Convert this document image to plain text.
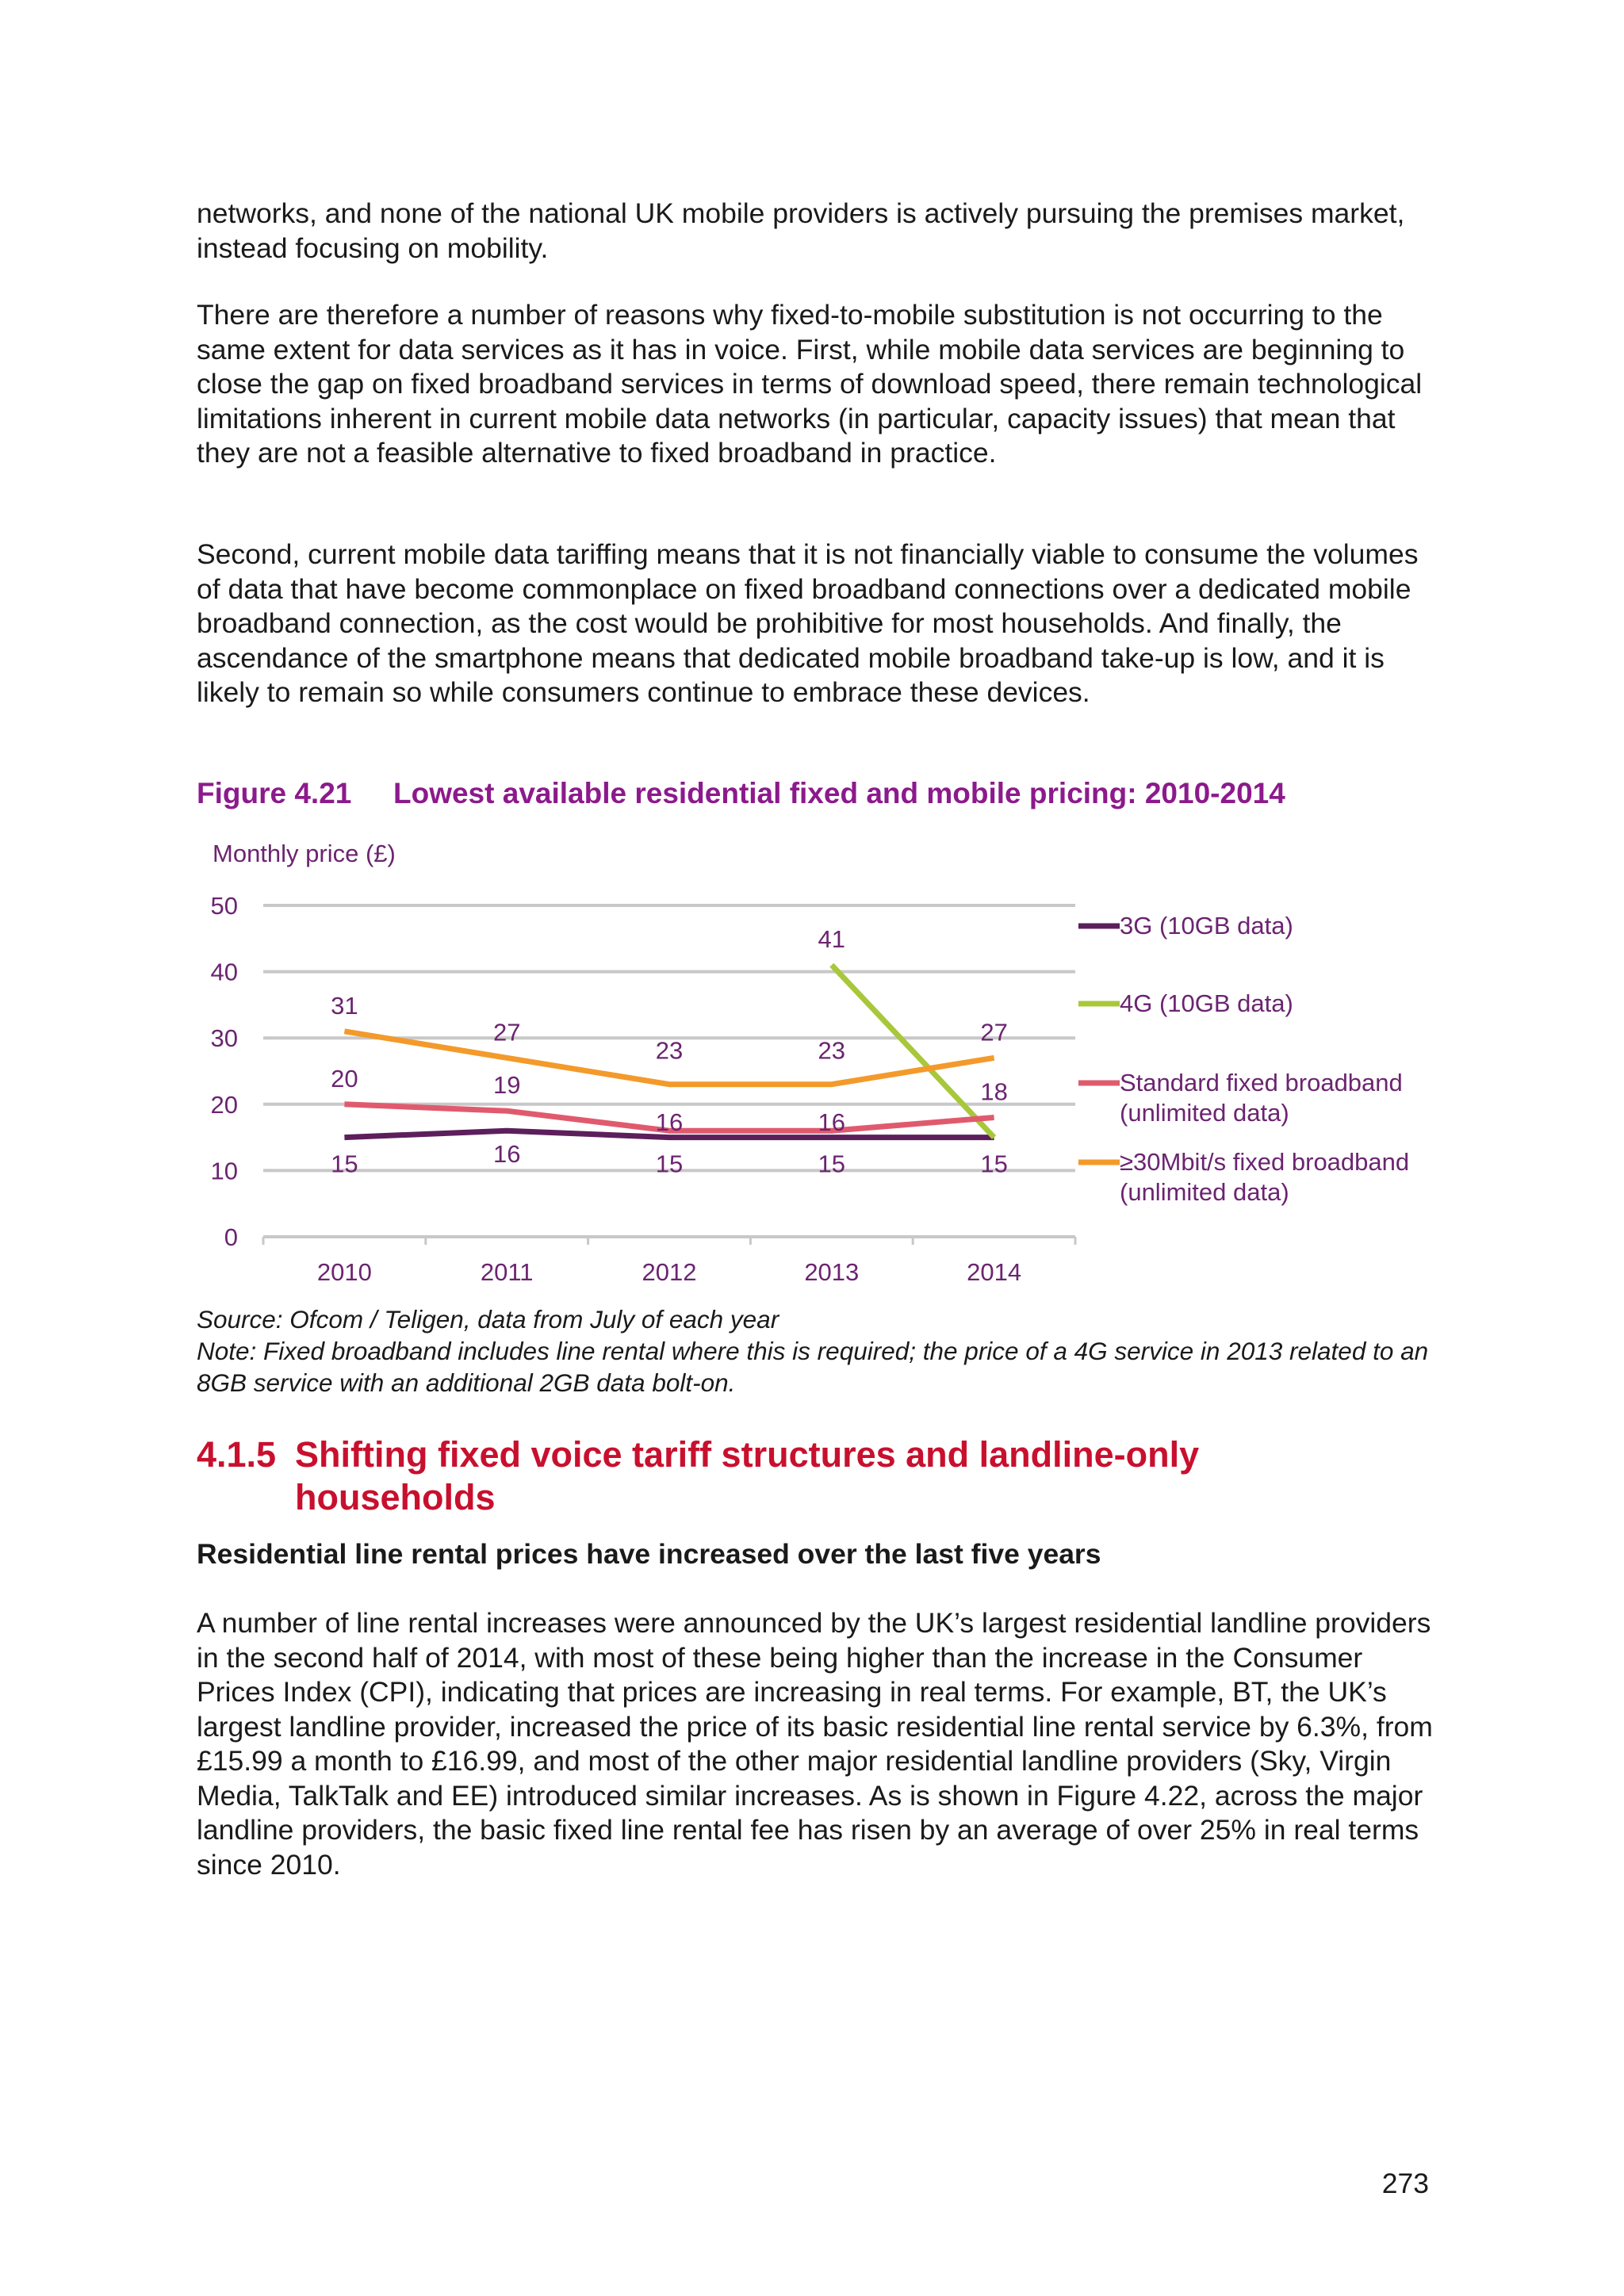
networks, and none of the national UK mobile providers is actively pursuing the premises market, instead focusing on mobility.

There are therefore a number of reasons why fixed-to-mobile substitution is not occurring to the same extent for data services as it has in voice. First, while mobile data services are beginning to close the gap on fixed broadband services in terms of download speed, there remain technological limitations inherent in current mobile data networks (in particular, capacity issues) that mean that they are not a feasible alternative to fixed broadband in practice.

Second, current mobile data tariffing means that it is not financially viable to consume the volumes of data that have become commonplace on fixed broadband connections over a dedicated mobile broadband connection, as the cost would be prohibitive for most households. And finally, the ascendance of the smartphone means that dedicated mobile broadband take-up is low, and it is likely to remain so while consumers continue to embrace these devices.

Figure 4.21 Lowest available residential fixed and mobile pricing: 2010-2014
Monthly price (£)
0
10
20
30
40
50
2010	2011	2012	2013	2014
15	16	15	15	15
41
20	19
16	16
18
31
27
23	23
27
3G (10GB data)
4G (10GB data)
Standard fixed broadband
(unlimited data)
≥30Mbit/s fixed broadband
(unlimited data)
Source: Ofcom / Teligen, data from July of each year
Note: Fixed broadband includes line rental where this is required; the price of a 4G service in 2013 related to an 8GB service with an additional 2GB data bolt-on.
4.1.5 Shifting fixed voice tariff structures and landline-only households
Residential line rental prices have increased over the last five years

A number of line rental increases were announced by the UK’s largest residential landline providers in the second half of 2014, with most of these being higher than the increase in the Consumer Prices Index (CPI), indicating that prices are increasing in real terms. For example, BT, the UK’s largest landline provider, increased the price of its basic residential line rental service by 6.3%, from £15.99 a month to £16.99, and most of the other major residential landline providers (Sky, Virgin Media, TalkTalk and EE) introduced similar increases. As is shown in Figure 4.22, across the major landline providers, the basic fixed line rental fee has risen by an average of over 25% in real terms since 2010.

273
